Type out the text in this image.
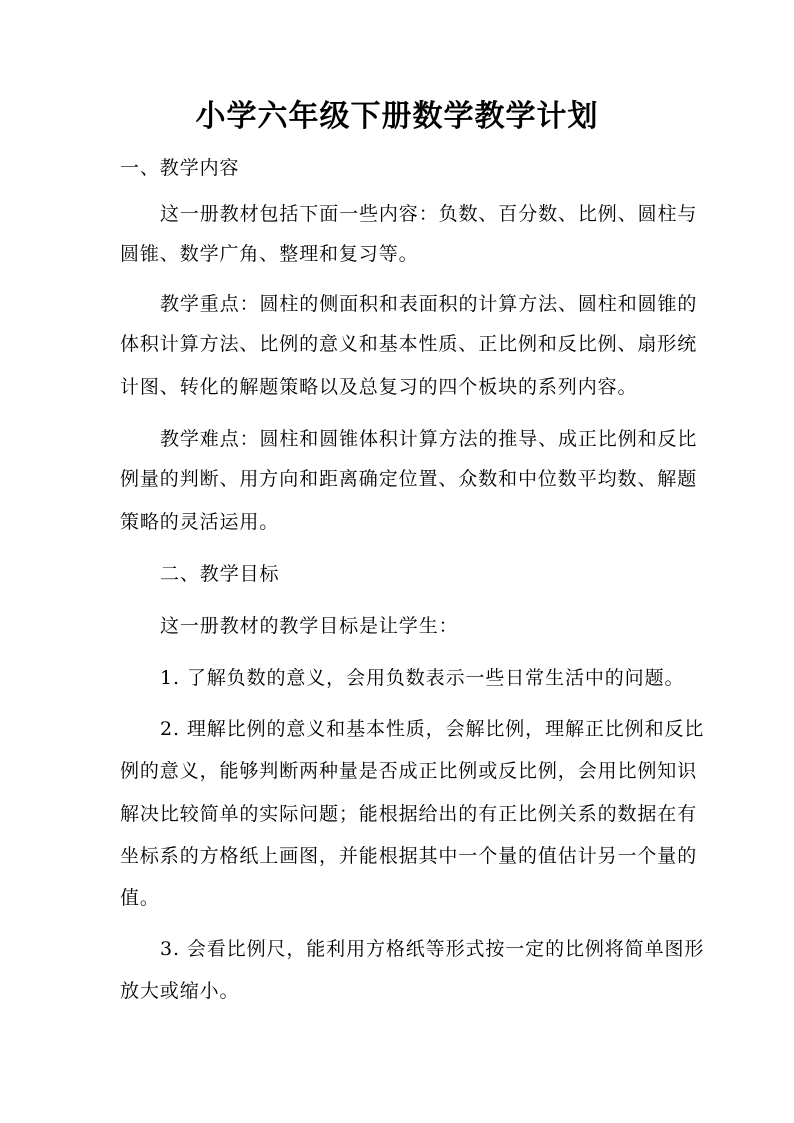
小学六年级下册数学教学计划
一、教学内容
这一册教材包括下面一些内容：负数、百分数、比例、圆柱与
圆锥、数学广角、整理和复习等。
教学重点：圆柱的侧面积和表面积的计算方法、圆柱和圆锥的
体积计算方法、比例的意义和基本性质、正比例和反比例、扇形统
计图、转化的解题策略以及总复习的四个板块的系列内容。
教学难点：圆柱和圆锥体积计算方法的推导、成正比例和反比
例量的判断、用方向和距离确定位置、众数和中位数平均数、解题
策略的灵活运用。
二、教学目标
这一册教材的教学目标是让学生：
1. 了解负数的意义，会用负数表示一些日常生活中的问题。
2. 理解比例的意义和基本性质，会解比例，理解正比例和反比
例的意义，能够判断两种量是否成正比例或反比例，会用比例知识
解决比较简单的实际问题；能根据给出的有正比例关系的数据在有
坐标系的方格纸上画图，并能根据其中一个量的值估计另一个量的
值。
3. 会看比例尺，能利用方格纸等形式按一定的比例将简单图形
放大或缩小。
